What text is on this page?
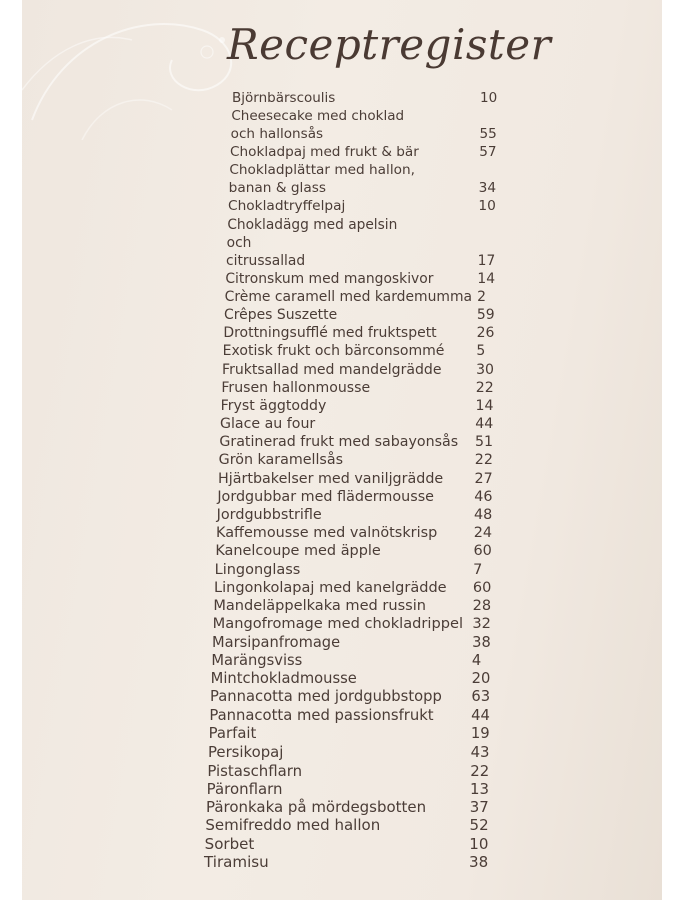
Receptregister
Björnbärscoulis	10
Cheesecake med choklad
och hallonsås	55
Chokladpaj med frukt & bär	57
Chokladplättar med hallon,
banan & glass	34
Chokladtryffelpaj	10
Chokladägg med apelsin
och
citrussallad	17
Citronskum med mangoskivor	14
Crème caramell med kardemumma 2
Crêpes Suszette	59
Drottningsufflé med fruktspett	26
Exotisk frukt och bärconsommé 5
Fruktsallad med mandelgrädde 30
Frusen hallonmousse	22
Fryst äggtoddy	14
Glace au four	44
Gratinerad frukt med sabayonsås 51
Grön karamellsås	22
Hjärtbakelser med vaniljgrädde 27
Jordgubbar med flädermousse	46
Jordgubbstrifle	48
Kaffemousse med valnötskrisp	24
Kanelcoupe med äpple	60
Lingonglass	7
Lingonkolapaj med kanelgrädde 60
Mandeläppelkaka med russin	28
Mangofromage med chokladrippel 32
Marsipanfromage	38
Marängsviss	4
Mintchokladmousse	20
Pannacotta med jordgubbstopp 63
Pannacotta med passionsfrukt	44
Parfait	19
Persikopaj	43
Pistaschflarn	22
Päronflarn	13
Päronkaka på mördegsbotten	37
Semifreddo med hallon	52
Sorbet	10
Tiramisu	38
